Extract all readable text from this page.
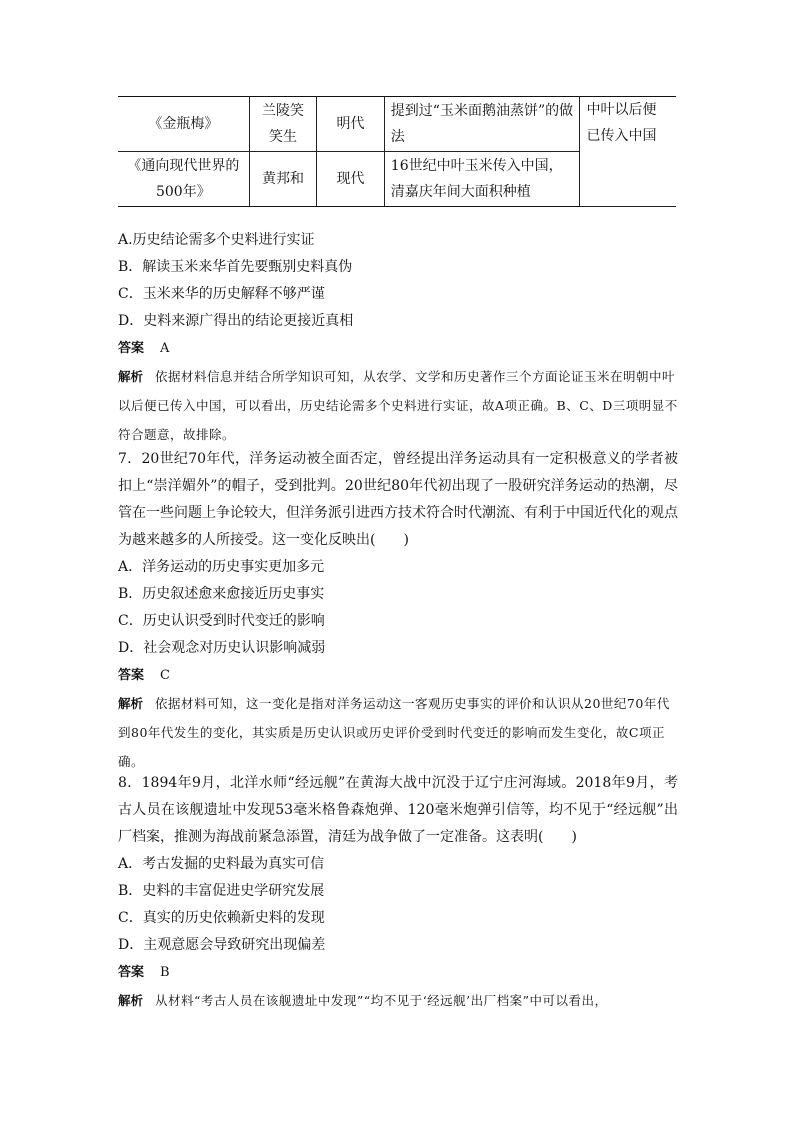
《金瓶梅》	兰陵笑笑生	明代	提到过“玉米面鹅油蒸饼”的做法	中叶以后便已传入中国

《通向现代世界的500年》	黄邦和	现代	16世纪中叶玉米传入中国，清嘉庆年间大面积种植	
A.历史结论需多个史料进行实证
B．解读玉米来华首先要甄别史料真伪
C．玉米来华的历史解释不够严谨
D．史料来源广得出的结论更接近真相
答案 A
解析 依据材料信息并结合所学知识可知，从农学、文学和历史著作三个方面论证玉米在明朝中叶以后便已传入中国，可以看出，历史结论需多个史料进行实证，故A项正确。B、C、D三项明显不符合题意，故排除。
7．20世纪70年代，洋务运动被全面否定，曾经提出洋务运动具有一定积极意义的学者被扣上“崇洋媚外”的帽子，受到批判。20世纪80年代初出现了一股研究洋务运动的热潮，尽管在一些问题上争论较大，但洋务派引进西方技术符合时代潮流、有利于中国近代化的观点为越来越多的人所接受。这一变化反映出(　　)
A．洋务运动的历史事实更加多元
B．历史叙述愈来愈接近历史事实
C．历史认识受到时代变迁的影响
D．社会观念对历史认识影响减弱
答案 C
解析 依据材料可知，这一变化是指对洋务运动这一客观历史事实的评价和认识从20世纪70年代到80年代发生的变化，其实质是历史认识或历史评价受到时代变迁的影响而发生变化，故C项正确。
8．1894年9月，北洋水师“经远舰”在黄海大战中沉没于辽宁庄河海域。2018年9月，考古人员在该舰遗址中发现53毫米格鲁森炮弹、120毫米炮弹引信等，均不见于“经远舰”出厂档案，推测为海战前紧急添置，清廷为战争做了一定准备。这表明(　　)
A．考古发掘的史料最为真实可信
B．史料的丰富促进史学研究发展
C．真实的历史依赖新史料的发现
D．主观意愿会导致研究出现偏差
答案 B
解析 从材料“考古人员在该舰遗址中发现”“均不见于‘经远舰’出厂档案”中可以看出，
